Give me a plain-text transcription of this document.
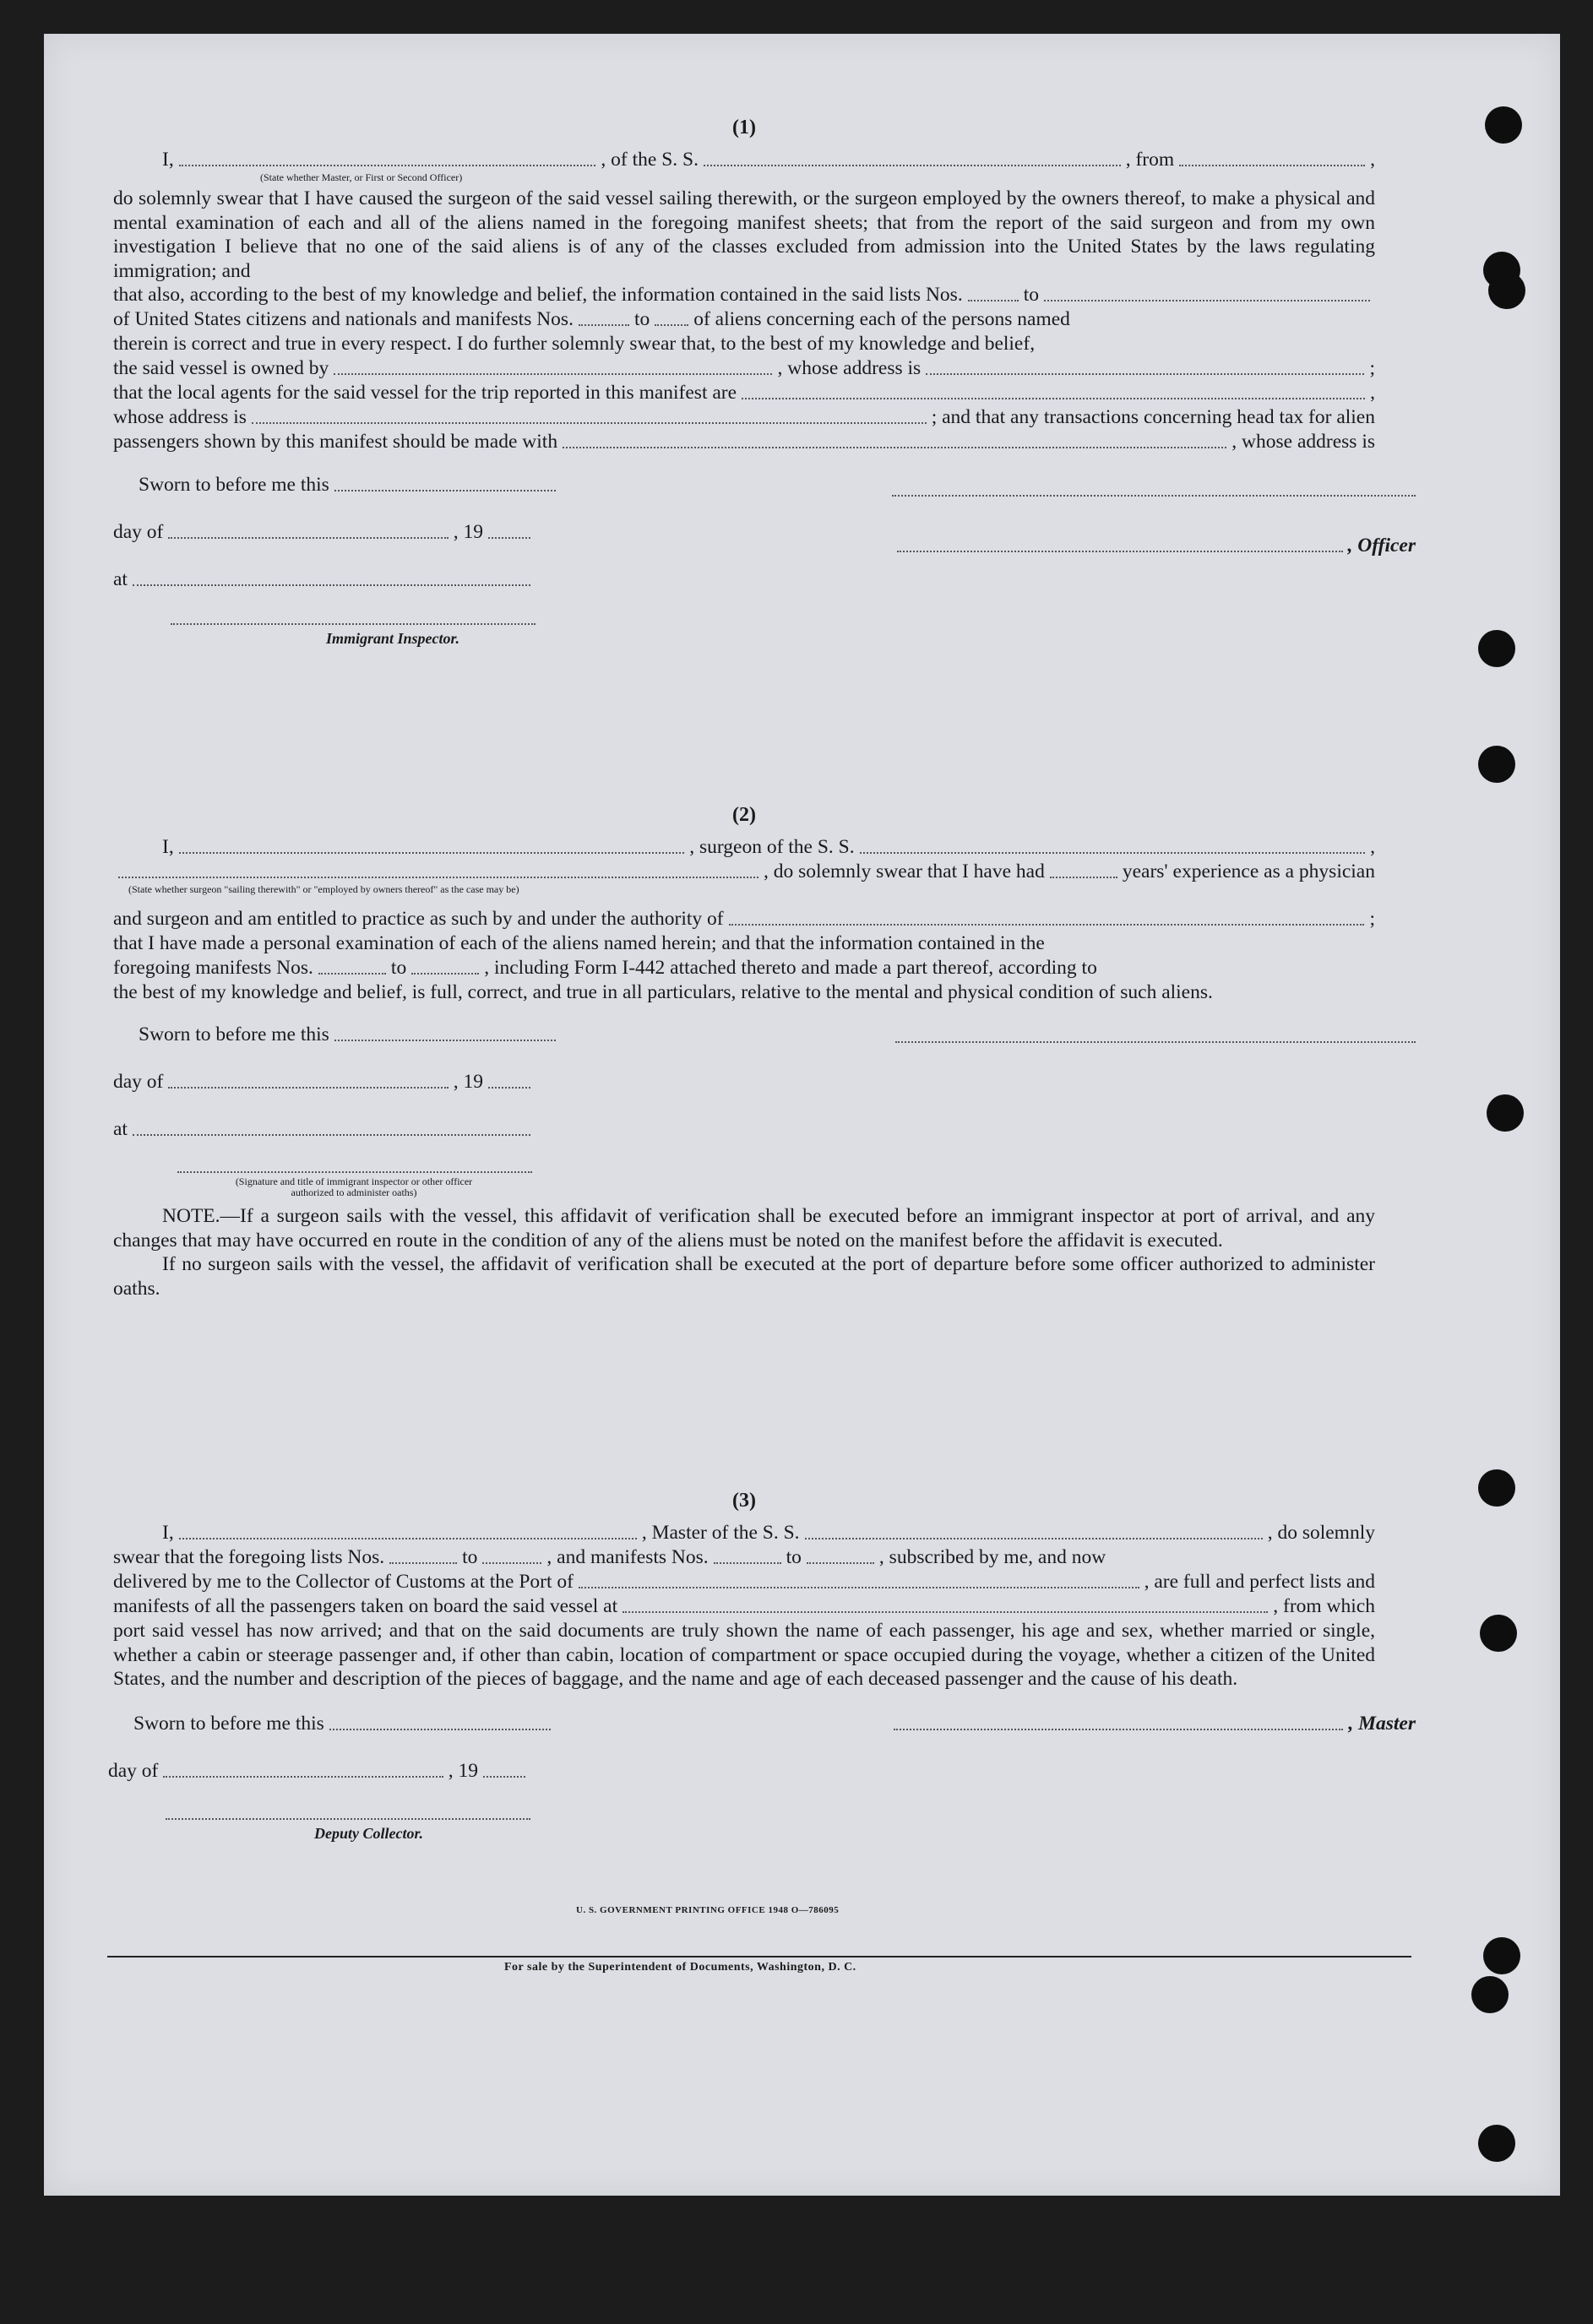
(1)
I,	, of the S. S.	, from	,
(State whether Master, or First or Second Officer)
do solemnly swear that I have caused the surgeon of the said vessel sailing therewith, or the surgeon employed by the owners thereof, to make a physical and mental examination of each and all of the aliens named in the foregoing manifest sheets; that from the report of the said surgeon and from my own investigation I believe that no one of the said aliens is of any of the classes excluded from admission into the United States by the laws regulating immigration; and
that also, according to the best of my knowledge and belief, the information contained in the said lists Nos.	to
of United States citizens and nationals and manifests Nos.	to of aliens concerning each of the persons named
therein is correct and true in every respect. I do further solemnly swear that, to the best of my knowledge and belief,
the said vessel is owned by	, whose address is	;
that the local agents for the said vessel for the trip reported in this manifest are	,
whose address is	; and that any transactions concerning head tax for alien
passengers shown by this manifest should be made with	, whose address is
Sworn to before me this
day of	, 19
at
Immigrant Inspector.
, Officer
(2)
I,	, surgeon of the S. S.	,
, do solemnly swear that I have had	years' experience as a physician
(State whether surgeon "sailing therewith" or "employed by owners thereof" as the case may be)
and surgeon and am entitled to practice as such by and under the authority of	;
that I have made a personal examination of each of the aliens named herein; and that the information contained in the
foregoing manifests Nos.	to	, including Form I-442 attached thereto and made a part thereof, according to
the best of my knowledge and belief, is full, correct, and true in all particulars, relative to the mental and physical condition of such aliens.
Sworn to before me this
day of	, 19
at
(Signature and title of immigrant inspector or other officer authorized to administer oaths)
NOTE.—If a surgeon sails with the vessel, this affidavit of verification shall be executed before an immigrant inspector at port of arrival, and any changes that may have occurred en route in the condition of any of the aliens must be noted on the manifest before the affidavit is executed.
If no surgeon sails with the vessel, the affidavit of verification shall be executed at the port of departure before some officer authorized to administer oaths.
(3)
I,	, Master of the S. S.	, do solemnly
swear that the foregoing lists Nos.	to	, and manifests Nos.	to	, subscribed by me, and now
delivered by me to the Collector of Customs at the Port of	, are full and perfect lists and
manifests of all the passengers taken on board the said vessel at	, from which
port said vessel has now arrived; and that on the said documents are truly shown the name of each passenger, his age and sex, whether married or single, whether a cabin or steerage passenger and, if other than cabin, location of compartment or space occupied during the voyage, whether a citizen of the United States, and the number and description of the pieces of baggage, and the name and age of each deceased passenger and the cause of his death.
Sworn to before me this
day of	, 19
Deputy Collector.
, Master
U. S. GOVERNMENT PRINTING OFFICE 1948 O—786095
For sale by the Superintendent of Documents, Washington, D. C.
